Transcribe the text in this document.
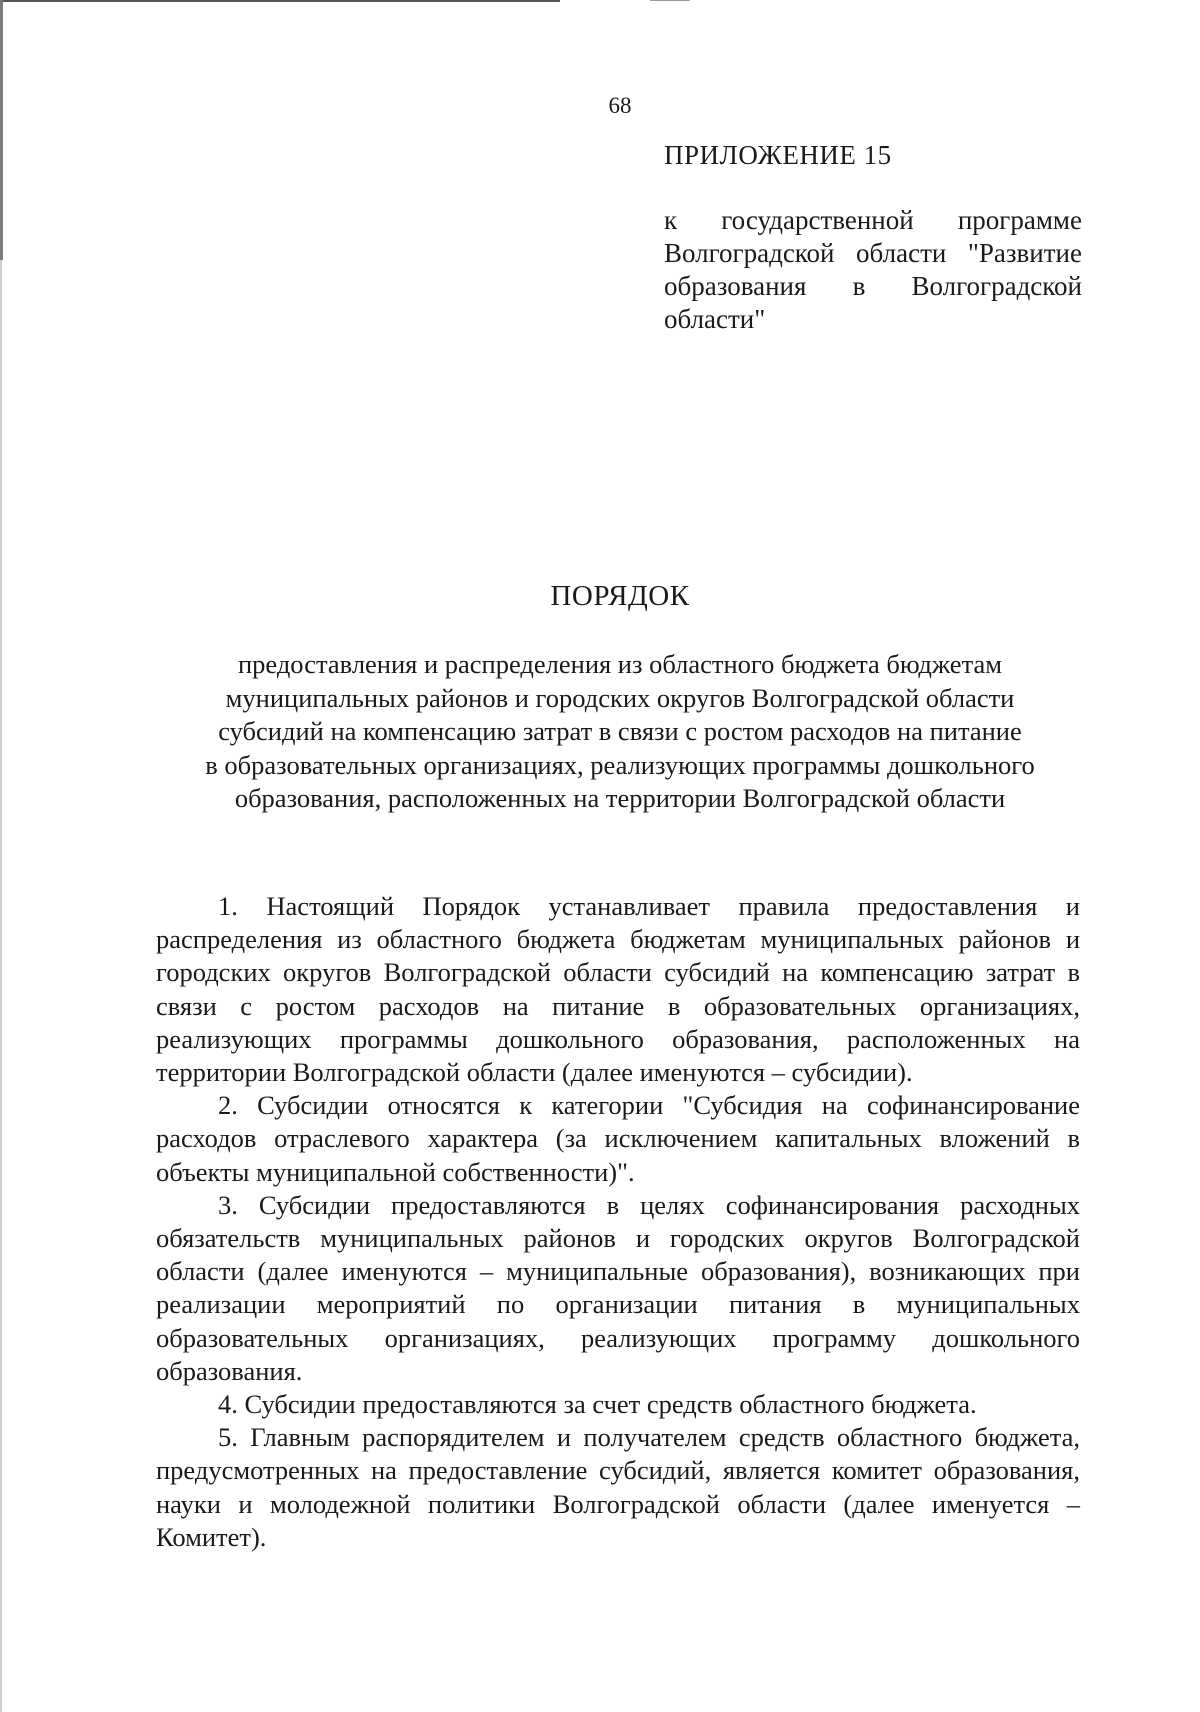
68
ПРИЛОЖЕНИЕ 15
к государственной программе Волгоградской области "Развитие образования в Волгоградской области"
ПОРЯДОК
предоставления и распределения из областного бюджета бюджетам
муниципальных районов и городских округов Волгоградской области
субсидий на компенсацию затрат в связи с ростом расходов на питание
в образовательных организациях, реализующих программы дошкольного
образования, расположенных на территории Волгоградской области

1. Настоящий Порядок устанавливает правила предоставления и распределения из областного бюджета бюджетам муниципальных районов и городских округов Волгоградской области субсидий на компенсацию затрат в связи с ростом расходов на питание в образовательных организациях, реализующих программы дошкольного образования, расположенных на территории Волгоградской области (далее именуются – субсидии).

2. Субсидии относятся к категории "Субсидия на софинансирование расходов отраслевого характера (за исключением капитальных вложений в объекты муниципальной собственности)".

3. Субсидии предоставляются в целях софинансирования расходных обязательств муниципальных районов и городских округов Волгоградской области (далее именуются – муниципальные образования), возникающих при реализации мероприятий по организации питания в муниципальных образовательных организациях, реализующих программу дошкольного образования.

4. Субсидии предоставляются за счет средств областного бюджета.

5. Главным распорядителем и получателем средств областного бюджета, предусмотренных на предоставление субсидий, является комитет образования, науки и молодежной политики Волгоградской области (далее именуется – Комитет).
